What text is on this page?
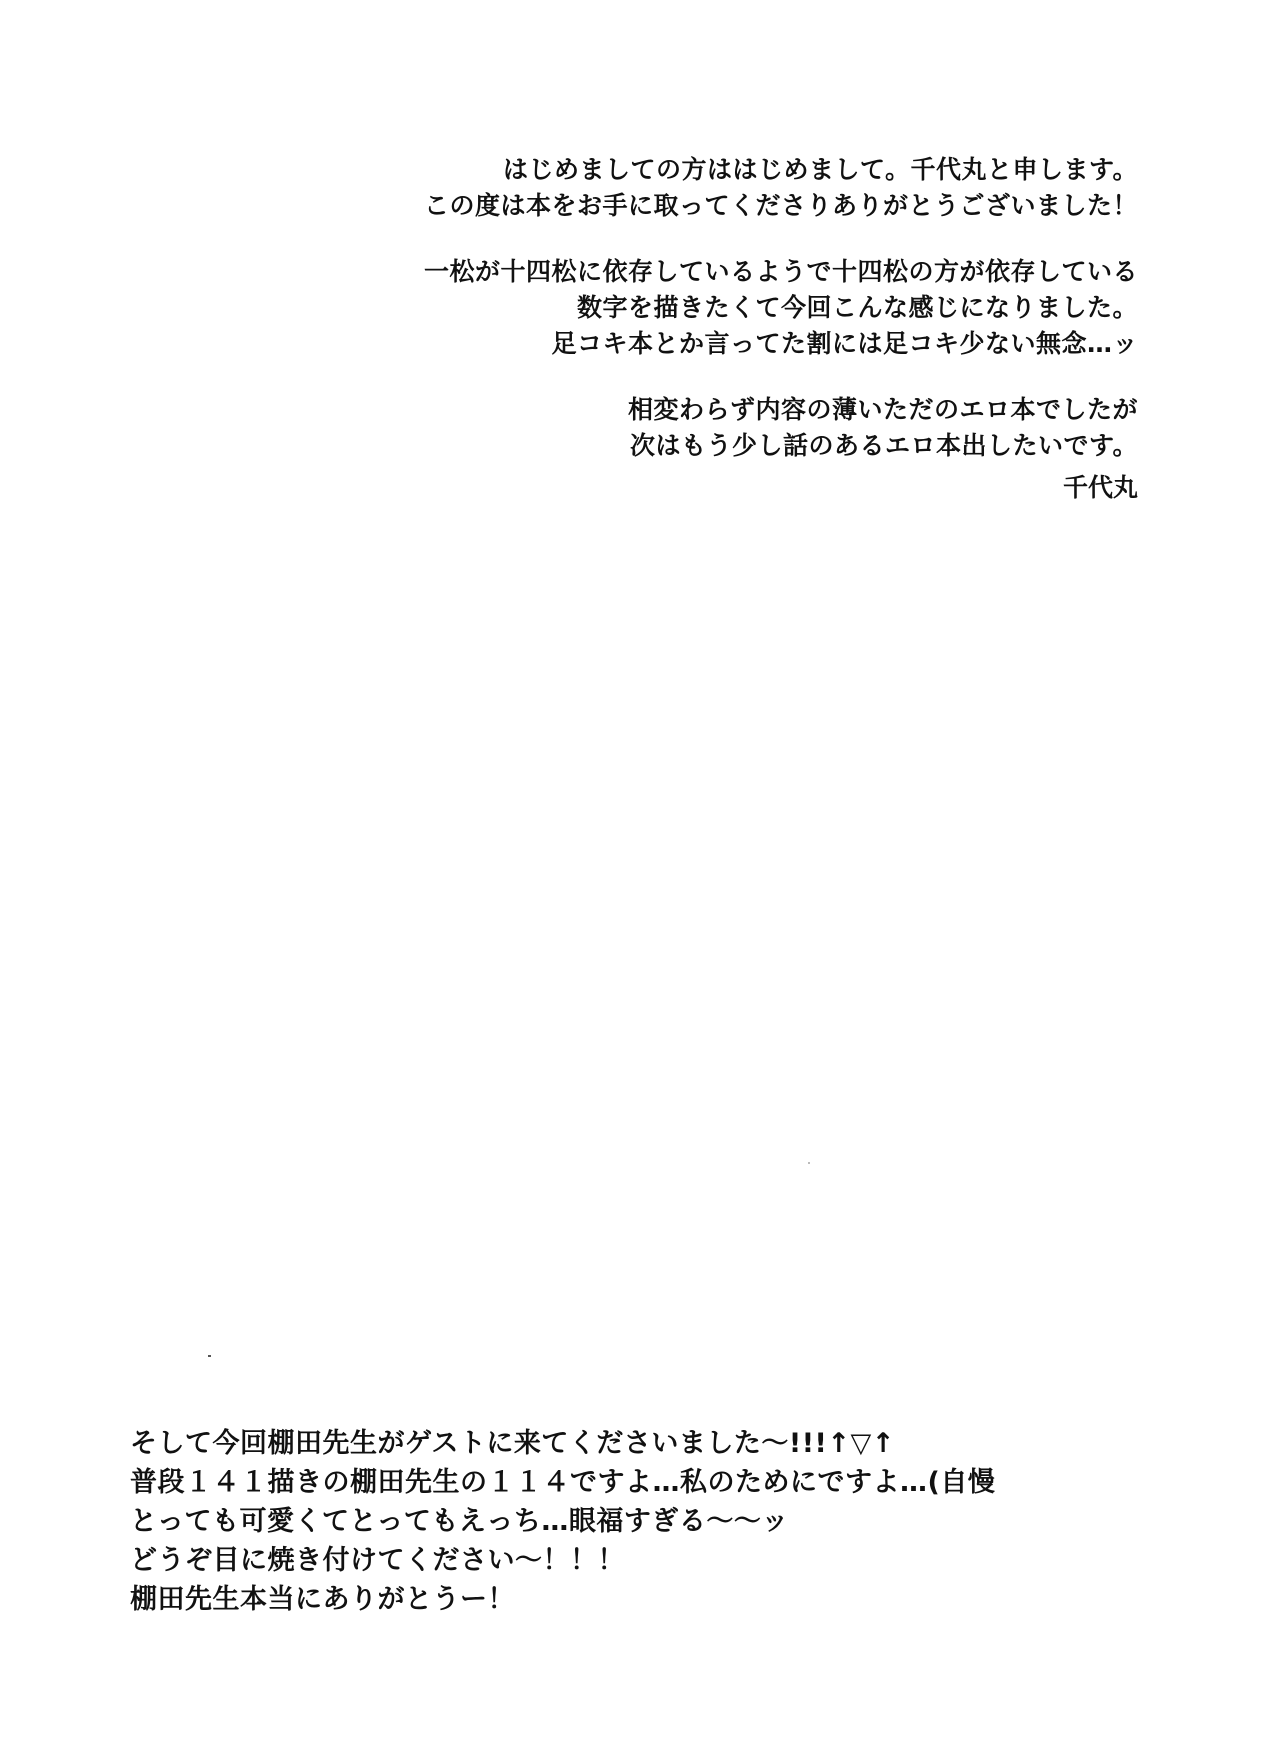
はじめましての方ははじめまして。千代丸と申します。
この度は本をお手に取ってくださりありがとうございました！
一松が十四松に依存しているようで十四松の方が依存している
数字を描きたくて今回こんな感じになりました。
足コキ本とか言ってた割には足コキ少ない無念…ッ
相変わらず内容の薄いただのエロ本でしたが
次はもう少し話のあるエロ本出したいです。
千代丸
そして今回棚田先生がゲストに来てくださいました～!!!↑▽↑
普段１４１描きの棚田先生の１１４ですよ…私のためにですよ…(自慢
とっても可愛くてとってもえっち…眼福すぎる～～ッ
どうぞ目に焼き付けてください～！！！
棚田先生本当にありがとうー！
